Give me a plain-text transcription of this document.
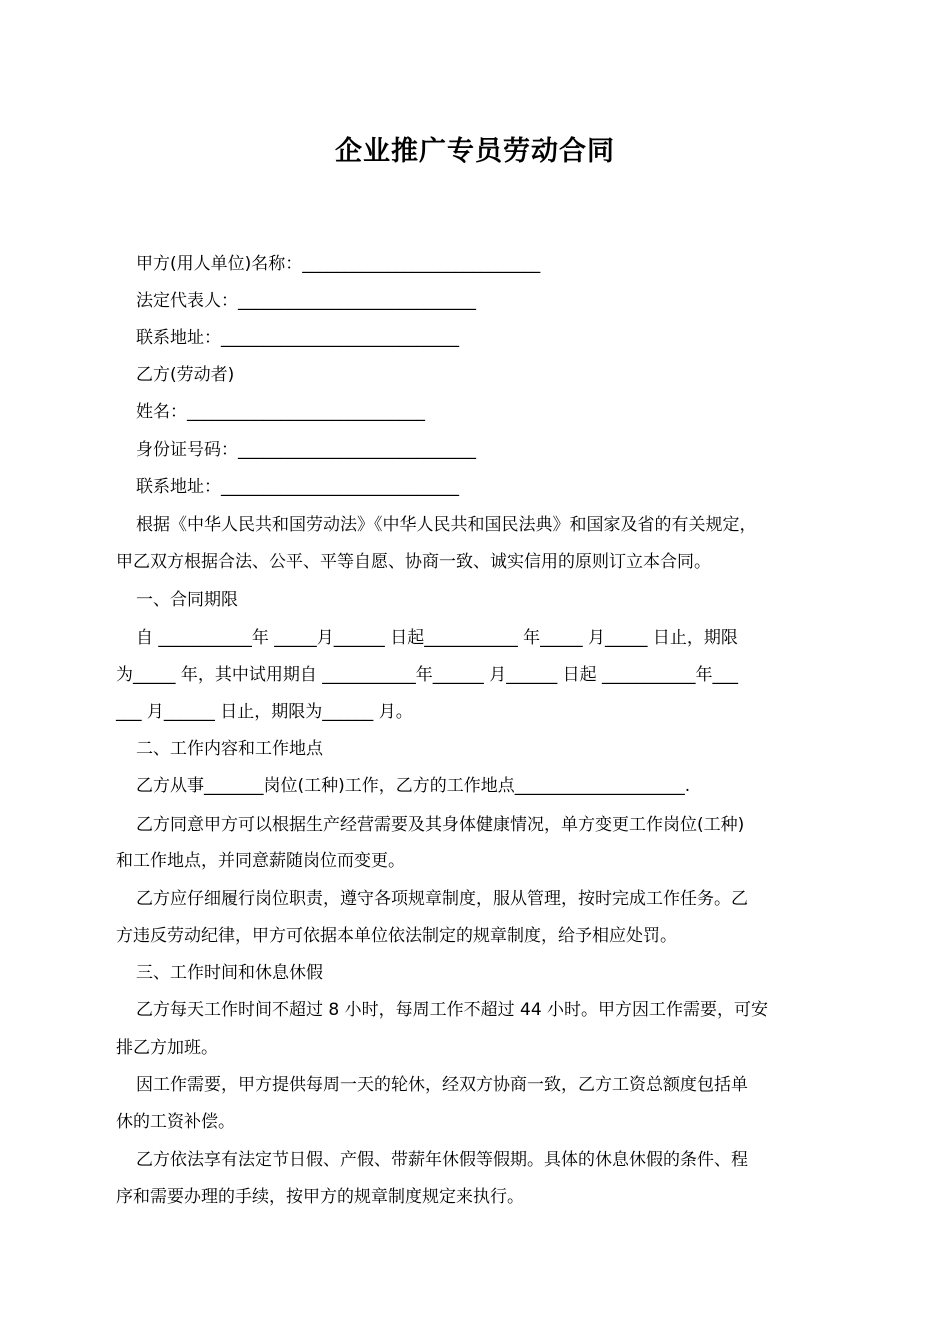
企业推广专员劳动合同
甲方(用人单位)名称：____________________________
法定代表人：____________________________
联系地址：____________________________
乙方(劳动者)
姓名：____________________________
身份证号码：____________________________
联系地址：____________________________
根据《中华人民共和国劳动法》《中华人民共和国民法典》和国家及省的有关规定，
甲乙双方根据合法、公平、平等自愿、协商一致、诚实信用的原则订立本合同。
一、合同期限
自 ___________年 _____月______ 日起___________ 年_____ 月_____ 日止，期限
为_____ 年，其中试用期自 ___________年______ 月______ 日起 ___________年___
___ 月______ 日止，期限为______ 月。
二、工作内容和工作地点
乙方从事_______岗位(工种)工作，乙方的工作地点____________________.
乙方同意甲方可以根据生产经营需要及其身体健康情况，单方变更工作岗位(工种)
和工作地点，并同意薪随岗位而变更。
乙方应仔细履行岗位职责，遵守各项规章制度，服从管理，按时完成工作任务。乙
方违反劳动纪律，甲方可依据本单位依法制定的规章制度，给予相应处罚。
三、工作时间和休息休假
乙方每天工作时间不超过 8 小时，每周工作不超过 44 小时。甲方因工作需要，可安
排乙方加班。
因工作需要，甲方提供每周一天的轮休，经双方协商一致，乙方工资总额度包括单
休的工资补偿。
乙方依法享有法定节日假、产假、带薪年休假等假期。具体的休息休假的条件、程
序和需要办理的手续，按甲方的规章制度规定来执行。
